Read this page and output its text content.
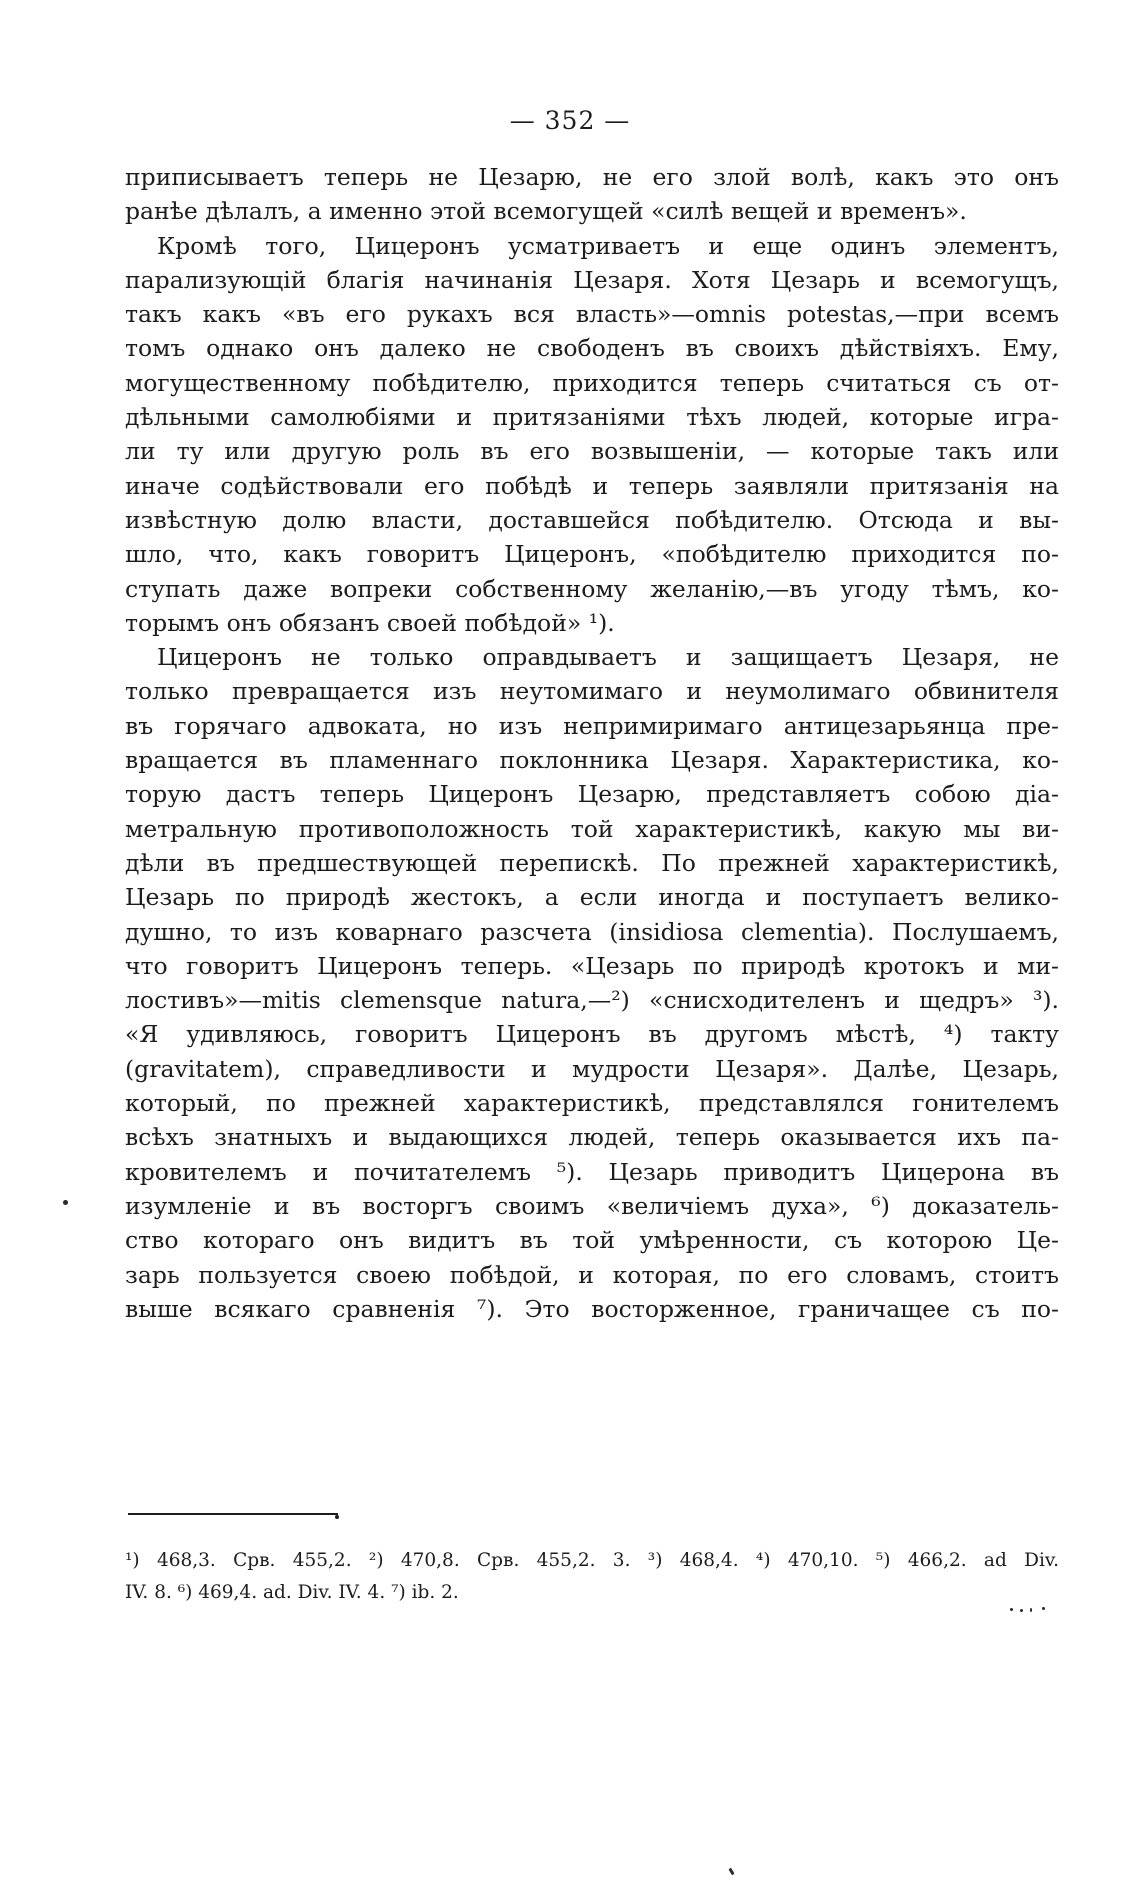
— 352 —
приписываетъ теперь не Цезарю, не его злой волѣ, какъ это онъ
ранѣе дѣлалъ, а именно этой всемогущей «силѣ вещей и временъ».
Кромѣ того, Цицеронъ усматриваетъ и еще одинъ элементъ,
парализующій благія начинанія Цезаря. Хотя Цезарь и всемогущъ,
такъ какъ «въ его рукахъ вся власть»—omnis potestas,—при всемъ
томъ однако онъ далеко не свободенъ въ своихъ дѣйствіяхъ. Ему,
могущественному побѣдителю, приходится теперь считаться съ от-
дѣльными самолюбіями и притязаніями тѣхъ людей, которые игра-
ли ту или другую роль въ его возвышеніи, — которые такъ или
иначе содѣйствовали его побѣдѣ и теперь заявляли притязанія на
извѣстную долю власти, доставшейся побѣдителю. Отсюда и вы-
шло, что, какъ говоритъ Цицеронъ, «побѣдителю приходится по-
ступать даже вопреки собственному желанію,—въ угоду тѣмъ, ко-
торымъ онъ обязанъ своей побѣдой» ¹).
Цицеронъ не только оправдываетъ и защищаетъ Цезаря, не
только превращается изъ неутомимаго и неумолимаго обвинителя
въ горячаго адвоката, но изъ непримиримаго антицезарьянца пре-
вращается въ пламеннаго поклонника Цезаря. Характеристика, ко-
торую дастъ теперь Цицеронъ Цезарю, представляетъ собою діа-
метральную противоположность той характеристикѣ, какую мы ви-
дѣли въ предшествующей перепискѣ. По прежней характеристикѣ,
Цезарь по природѣ жестокъ, а если иногда и поступаетъ велико-
душно, то изъ коварнаго разсчета (insidiosa clementia). Послушаемъ,
что говоритъ Цицеронъ теперь. «Цезарь по природѣ кротокъ и ми-
лостивъ»—mitis clemensque natura,—²) «снисходителенъ и щедръ» ³).
«Я удивляюсь, говоритъ Цицеронъ въ другомъ мѣстѣ, ⁴) такту
(gravitatem), справедливости и мудрости Цезаря». Далѣе, Цезарь,
который, по прежней характеристикѣ, представлялся гонителемъ
всѣхъ знатныхъ и выдающихся людей, теперь оказывается ихъ па-
кровителемъ и почитателемъ ⁵). Цезарь приводитъ Цицерона въ
изумленіе и въ восторгъ своимъ «величіемъ духа», ⁶) доказатель-
ство котораго онъ видитъ въ той умѣренности, съ которою Це-
зарь пользуется своею побѣдой, и которая, по его словамъ, стоитъ
выше всякаго сравненія ⁷). Это восторженное, граничащее съ по-
¹) 468,3. Срв. 455,2. ²) 470,8. Срв. 455,2. 3. ³) 468,4. ⁴) 470,10. ⁵) 466,2. ad Div.
IV. 8. ⁶) 469,4. ad. Div. IV. 4. ⁷) ib. 2.
